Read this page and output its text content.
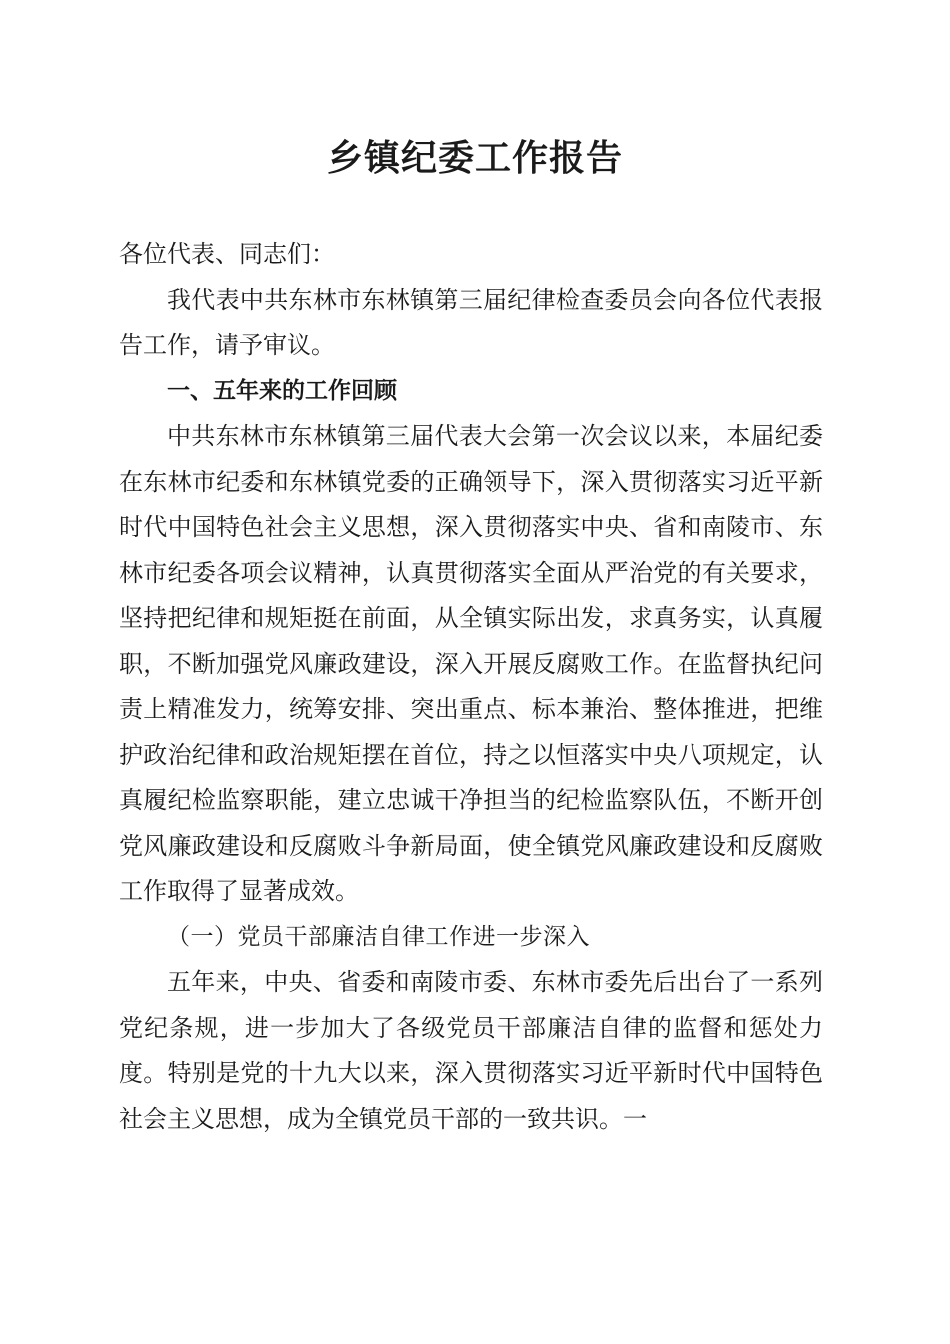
乡镇纪委工作报告

各位代表、同志们：

我代表中共东林市东林镇第三届纪律检查委员会向各位代表报告工作，请予审议。

一、五年来的工作回顾

中共东林市东林镇第三届代表大会第一次会议以来，本届纪委在东林市纪委和东林镇党委的正确领导下，深入贯彻落实习近平新时代中国特色社会主义思想，深入贯彻落实中央、省和南陵市、东林市纪委各项会议精神，认真贯彻落实全面从严治党的有关要求，坚持把纪律和规矩挺在前面，从全镇实际出发，求真务实，认真履职，不断加强党风廉政建设，深入开展反腐败工作。在监督执纪问责上精准发力，统筹安排、突出重点、标本兼治、整体推进，把维护政治纪律和政治规矩摆在首位，持之以恒落实中央八项规定，认真履纪检监察职能，建立忠诚干净担当的纪检监察队伍，不断开创党风廉政建设和反腐败斗争新局面，使全镇党风廉政建设和反腐败工作取得了显著成效。

（一）党员干部廉洁自律工作进一步深入

五年来，中央、省委和南陵市委、东林市委先后出台了一系列党纪条规，进一步加大了各级党员干部廉洁自律的监督和惩处力度。特别是党的十九大以来，深入贯彻落实习近平新时代中国特色社会主义思想，成为全镇党员干部的一致共识。一
